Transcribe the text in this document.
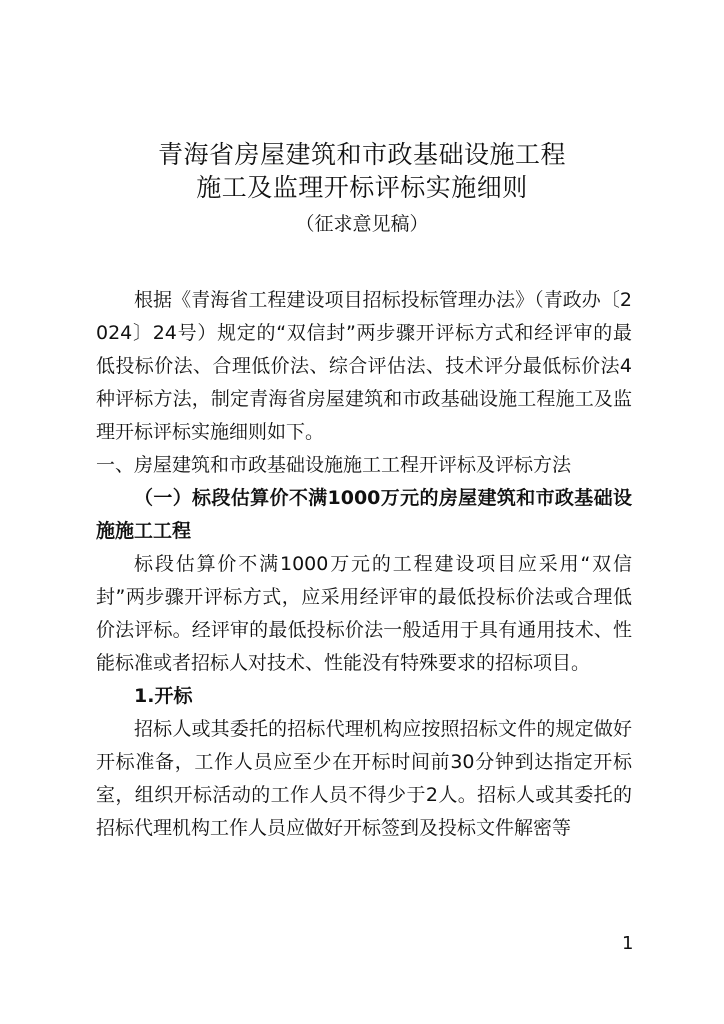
青海省房屋建筑和市政基础设施工程
施工及监理开标评标实施细则
（征求意见稿）

根据《青海省工程建设项目招标投标管理办法》（青政办〔2024〕24号）规定的“双信封”两步骤开评标方式和经评审的最低投标价法、合理低价法、综合评估法、技术评分最低标价法4种评标方法，制定青海省房屋建筑和市政基础设施工程施工及监理开标评标实施细则如下。

一、房屋建筑和市政基础设施施工工程开评标及评标方法

（一）标段估算价不满1000万元的房屋建筑和市政基础设施施工工程

标段估算价不满1000万元的工程建设项目应采用“双信封”两步骤开评标方式，应采用经评审的最低投标价法或合理低价法评标。经评审的最低投标价法一般适用于具有通用技术、性能标准或者招标人对技术、性能没有特殊要求的招标项目。

1.开标

招标人或其委托的招标代理机构应按照招标文件的规定做好开标准备，工作人员应至少在开标时间前30分钟到达指定开标室，组织开标活动的工作人员不得少于2人。招标人或其委托的招标代理机构工作人员应做好开标签到及投标文件解密等

1
